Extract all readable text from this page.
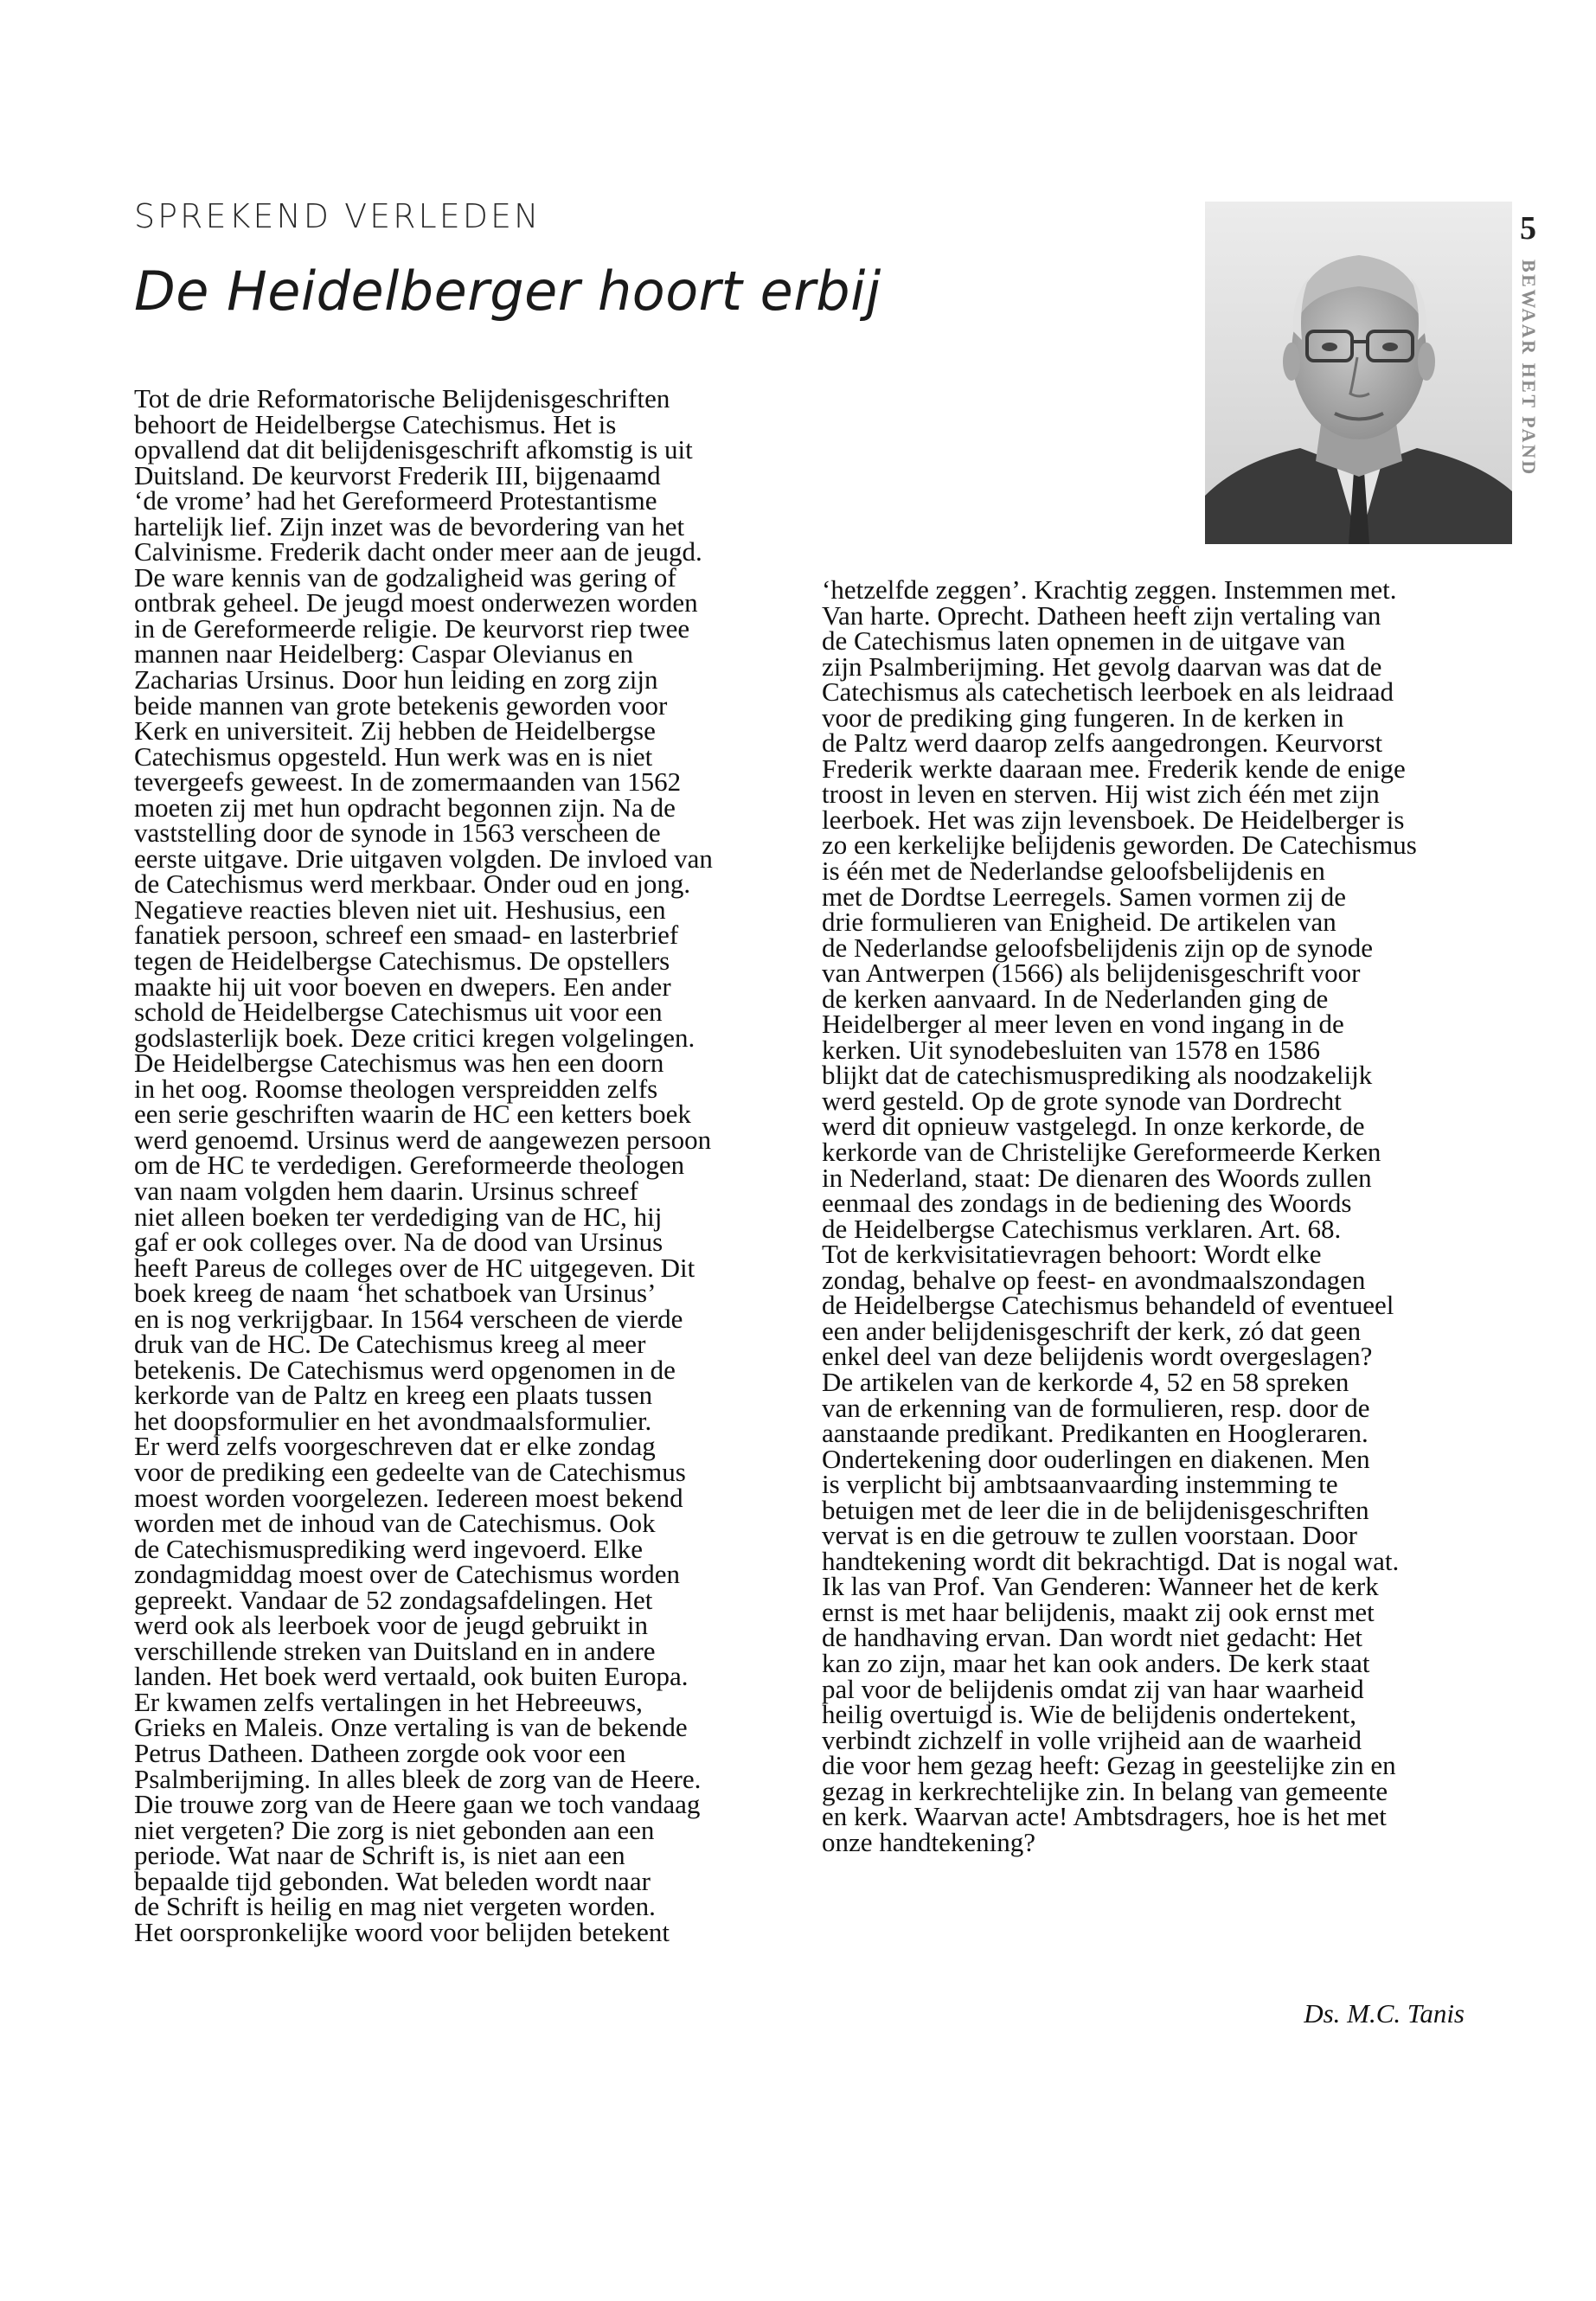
SPREKEND VERLEDEN
De Heidelberger hoort erbij
Tot de drie Reformatorische Belijdenisgeschriften
behoort de Heidelbergse Catechismus. Het is
opvallend dat dit belijdenisgeschrift afkomstig is uit
Duitsland. De keurvorst Frederik III, bijgenaamd
‘de vrome’ had het Gereformeerd Protestantisme
hartelijk lief. Zijn inzet was de bevordering van het
Calvinisme. Frederik dacht onder meer aan de jeugd.
De ware kennis van de godzaligheid was gering of
ontbrak geheel. De jeugd moest onderwezen worden
in de Gereformeerde religie. De keurvorst riep twee
mannen naar Heidelberg: Caspar Olevianus en
Zacharias Ursinus. Door hun leiding en zorg zijn
beide mannen van grote betekenis geworden voor
Kerk en universiteit. Zij hebben de Heidelbergse
Catechismus opgesteld. Hun werk was en is niet
tevergeefs geweest. In de zomermaanden van 1562
moeten zij met hun opdracht begonnen zijn. Na de
vaststelling door de synode in 1563 verscheen de
eerste uitgave. Drie uitgaven volgden. De invloed van
de Catechismus werd merkbaar. Onder oud en jong.
Negatieve reacties bleven niet uit. Heshusius, een
fanatiek persoon, schreef een smaad- en lasterbrief
tegen de Heidelbergse Catechismus. De opstellers
maakte hij uit voor boeven en dwepers. Een ander
schold de Heidelbergse Catechismus uit voor een
godslasterlijk boek. Deze critici kregen volgelingen.
De Heidelbergse Catechismus was hen een doorn
in het oog. Roomse theologen verspreidden zelfs
een serie geschriften waarin de HC een ketters boek
werd genoemd. Ursinus werd de aangewezen persoon
om de HC te verdedigen. Gereformeerde theologen
van naam volgden hem daarin. Ursinus schreef
niet alleen boeken ter verdediging van de HC, hij
gaf er ook colleges over. Na de dood van Ursinus
heeft Pareus de colleges over de HC uitgegeven. Dit
boek kreeg de naam ‘het schatboek van Ursinus’
en is nog verkrijgbaar. In 1564 verscheen de vierde
druk van de HC. De Catechismus kreeg al meer
betekenis. De Catechismus werd opgenomen in de
kerkorde van de Paltz en kreeg een plaats tussen
het doopsformulier en het avondmaalsformulier.
Er werd zelfs voorgeschreven dat er elke zondag
voor de prediking een gedeelte van de Catechismus
moest worden voorgelezen. Iedereen moest bekend
worden met de inhoud van de Catechismus. Ook
de Catechismusprediking werd ingevoerd. Elke
zondagmiddag moest over de Catechismus worden
gepreekt. Vandaar de 52 zondagsafdelingen. Het
werd ook als leerboek voor de jeugd gebruikt in
verschillende streken van Duitsland en in andere
landen. Het boek werd vertaald, ook buiten Europa.
Er kwamen zelfs vertalingen in het Hebreeuws,
Grieks en Maleis. Onze vertaling is van de bekende
Petrus Datheen. Datheen zorgde ook voor een
Psalmberijming. In alles bleek de zorg van de Heere.
Die trouwe zorg van de Heere gaan we toch vandaag
niet vergeten? Die zorg is niet gebonden aan een
periode. Wat naar de Schrift is, is niet aan een
bepaalde tijd gebonden. Wat beleden wordt naar
de Schrift is heilig en mag niet vergeten worden.
Het oorspronkelijke woord voor belijden betekent
‘hetzelfde zeggen’. Krachtig zeggen. Instemmen met.
Van harte. Oprecht. Datheen heeft zijn vertaling van
de Catechismus laten opnemen in de uitgave van
zijn Psalmberijming. Het gevolg daarvan was dat de
Catechismus als catechetisch leerboek en als leidraad
voor de prediking ging fungeren. In de kerken in
de Paltz werd daarop zelfs aangedrongen. Keurvorst
Frederik werkte daaraan mee. Frederik kende de enige
troost in leven en sterven. Hij wist zich één met zijn
leerboek. Het was zijn levensboek. De Heidelberger is
zo een kerkelijke belijdenis geworden. De Catechismus
is één met de Nederlandse geloofsbelijdenis en
met de Dordtse Leerregels. Samen vormen zij de
drie formulieren van Enigheid. De artikelen van
de Nederlandse geloofsbelijdenis zijn op de synode
van Antwerpen (1566) als belijdenisgeschrift voor
de kerken aanvaard. In de Nederlanden ging de
Heidelberger al meer leven en vond ingang in de
kerken. Uit synodebesluiten van 1578 en 1586
blijkt dat de catechismusprediking als noodzakelijk
werd gesteld. Op de grote synode van Dordrecht
werd dit opnieuw vastgelegd. In onze kerkorde, de
kerkorde van de Christelijke Gereformeerde Kerken
in Nederland, staat: De dienaren des Woords zullen
eenmaal des zondags in de bediening des Woords
de Heidelbergse Catechismus verklaren. Art. 68.
Tot de kerkvisitatievragen behoort: Wordt elke
zondag, behalve op feest- en avondmaalszondagen
de Heidelbergse Catechismus behandeld of eventueel
een ander belijdenisgeschrift der kerk, zó dat geen
enkel deel van deze belijdenis wordt overgeslagen?
De artikelen van de kerkorde 4, 52 en 58 spreken
van de erkenning van de formulieren, resp. door de
aanstaande predikant. Predikanten en Hoogleraren.
Ondertekening door ouderlingen en diakenen. Men
is verplicht bij ambtsaanvaarding instemming te
betuigen met de leer die in de belijdenisgeschriften
vervat is en die getrouw te zullen voorstaan. Door
handtekening wordt dit bekrachtigd. Dat is nogal wat.
Ik las van Prof. Van Genderen: Wanneer het de kerk
ernst is met haar belijdenis, maakt zij ook ernst met
de handhaving ervan. Dan wordt niet gedacht: Het
kan zo zijn, maar het kan ook anders. De kerk staat
pal voor de belijdenis omdat zij van haar waarheid
heilig overtuigd is. Wie de belijdenis ondertekent,
verbindt zichzelf in volle vrijheid aan de waarheid
die voor hem gezag heeft: Gezag in geestelijke zin en
gezag in kerkrechtelijke zin. In belang van gemeente
en kerk. Waarvan acte! Ambtsdragers, hoe is het met
onze handtekening?
Ds. M.C. Tanis
5
BEWAAR HET PAND
